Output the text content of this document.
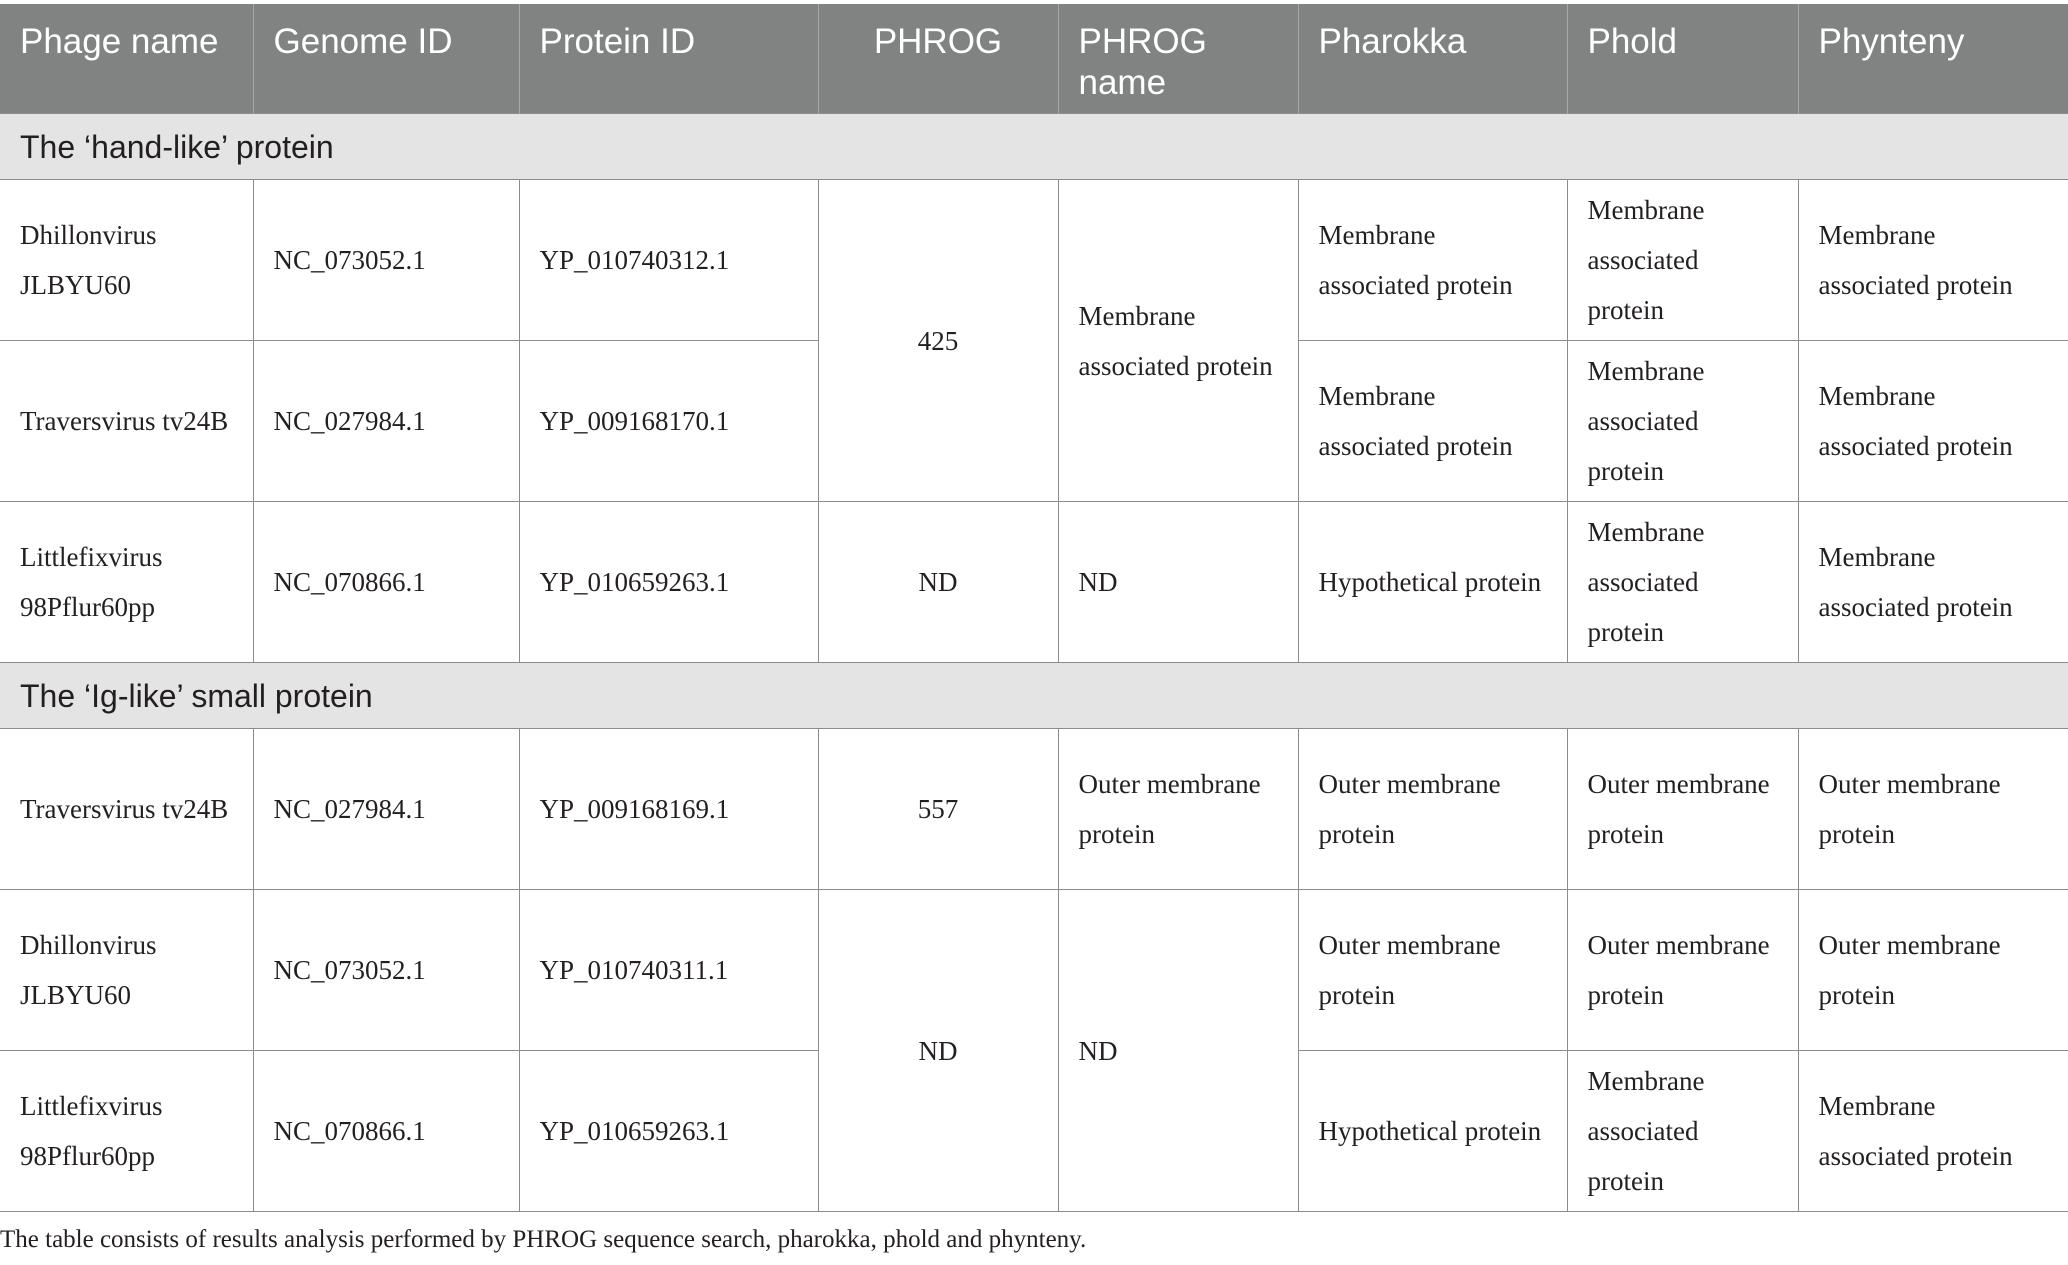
Phage name	Genome ID	Protein ID	PHROG	PHROG name	Pharokka	Phold	Phynteny
The ‘hand-like’ protein							
Dhillonvirus JLBYU60	NC_073052.1	YP_010740312.1	425	Membrane associated protein	Membrane associated protein	Membrane associated protein	Membrane associated protein
Traversvirus tv24B	NC_027984.1	YP_009168170.1			Membrane associated protein	Membrane associated protein	Membrane associated protein
Littlefixvirus 98Pflur60pp	NC_070866.1	YP_010659263.1	ND	ND	Hypothetical protein	Membrane associated protein	Membrane associated protein
The ‘Ig-like’ small protein							
Traversvirus tv24B	NC_027984.1	YP_009168169.1	557	Outer membrane protein	Outer membrane protein	Outer membrane protein	Outer membrane protein
Dhillonvirus JLBYU60	NC_073052.1	YP_010740311.1	ND	ND	Outer membrane protein	Outer membrane protein	Outer membrane protein
Littlefixvirus 98Pflur60pp	NC_070866.1	YP_010659263.1			Hypothetical protein	Membrane associated protein	Membrane associated protein
The table consists of results analysis performed by PHROG sequence search, pharokka, phold and phynteny.
